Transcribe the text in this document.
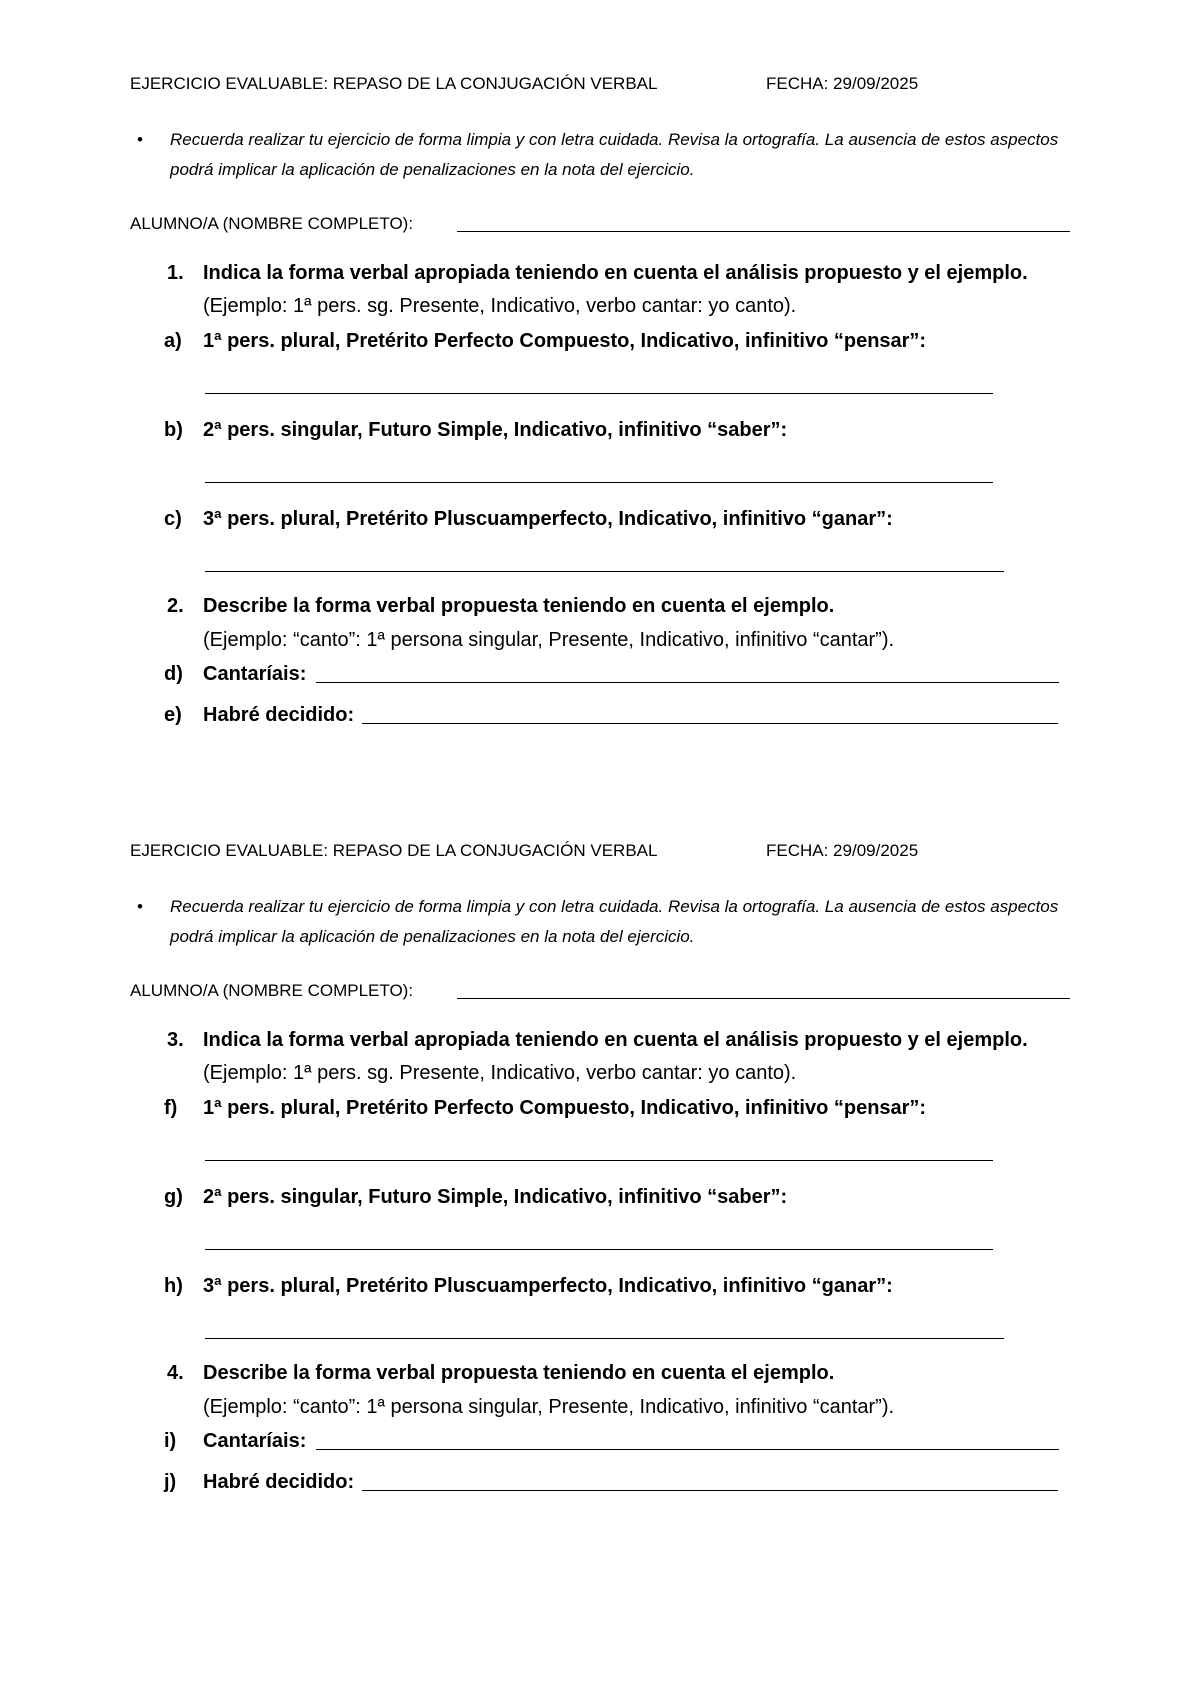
EJERCICIO EVALUABLE: REPASO DE LA CONJUGACIÓN VERBAL	FECHA: 29/09/2025
• Recuerda realizar tu ejercicio de forma limpia y con letra cuidada. Revisa la ortografía. La ausencia de estos aspectos podrá implicar la aplicación de penalizaciones en la nota del ejercicio.
ALUMNO/A (NOMBRE COMPLETO):
1. Indica la forma verbal apropiada teniendo en cuenta el análisis propuesto y el ejemplo.
(Ejemplo: 1ª pers. sg. Presente, Indicativo, verbo cantar: yo canto).
a) 1ª pers. plural, Pretérito Perfecto Compuesto, Indicativo, infinitivo “pensar”:
b) 2ª pers. singular, Futuro Simple, Indicativo, infinitivo “saber”:
c) 3ª pers. plural, Pretérito Pluscuamperfecto, Indicativo, infinitivo “ganar”:
2. Describe la forma verbal propuesta teniendo en cuenta el ejemplo.
(Ejemplo: “canto”: 1ª persona singular, Presente, Indicativo, infinitivo “cantar”).
d) Cantaríais:
e) Habré decidido:
EJERCICIO EVALUABLE: REPASO DE LA CONJUGACIÓN VERBAL	FECHA: 29/09/2025
• Recuerda realizar tu ejercicio de forma limpia y con letra cuidada. Revisa la ortografía. La ausencia de estos aspectos podrá implicar la aplicación de penalizaciones en la nota del ejercicio.
ALUMNO/A (NOMBRE COMPLETO):
3. Indica la forma verbal apropiada teniendo en cuenta el análisis propuesto y el ejemplo.
(Ejemplo: 1ª pers. sg. Presente, Indicativo, verbo cantar: yo canto).
f) 1ª pers. plural, Pretérito Perfecto Compuesto, Indicativo, infinitivo “pensar”:
g) 2ª pers. singular, Futuro Simple, Indicativo, infinitivo “saber”:
h) 3ª pers. plural, Pretérito Pluscuamperfecto, Indicativo, infinitivo “ganar”:
4. Describe la forma verbal propuesta teniendo en cuenta el ejemplo.
(Ejemplo: “canto”: 1ª persona singular, Presente, Indicativo, infinitivo “cantar”).
i) Cantaríais:
j) Habré decidido:
